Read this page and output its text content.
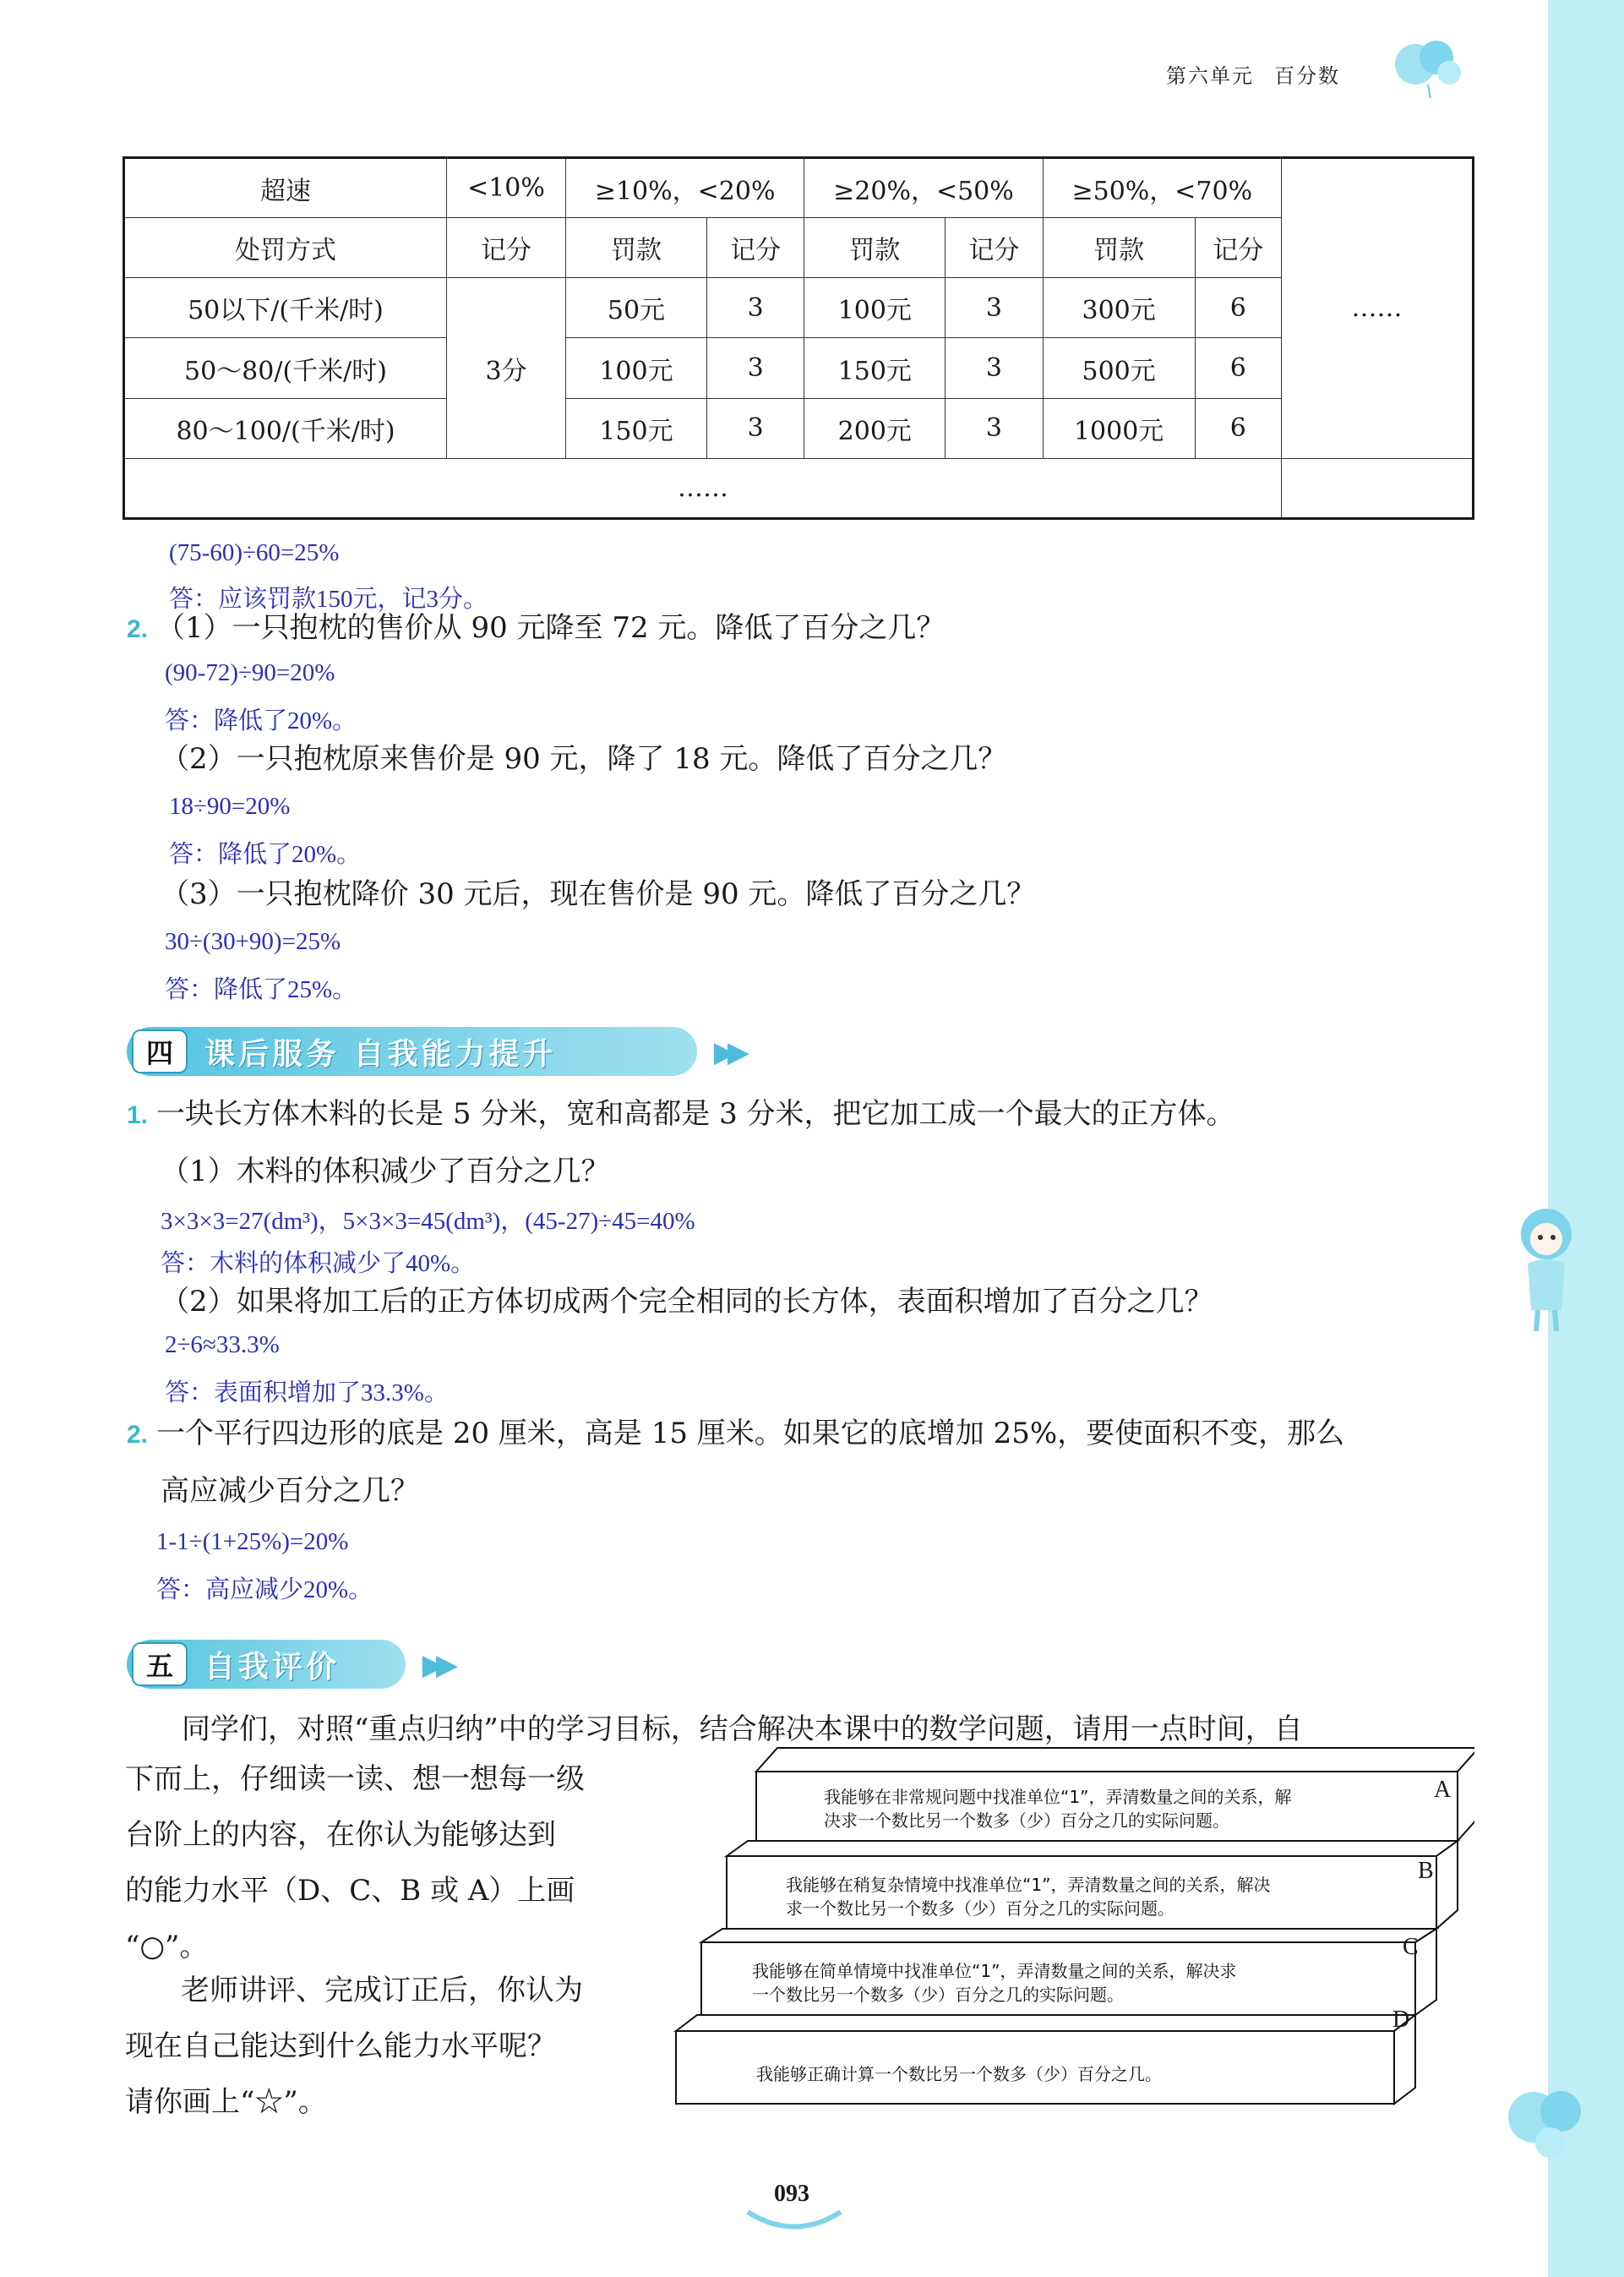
第六单元 百分数
超速	<10%	≥10%，<20%		≥20%，<50%		≥50%，<70%		……
处罚方式	记分	罚款	记分	罚款	记分	罚款	记分	
50以下/(千米/时)	3分	50元	3	100元	3	300元	6	
50～80/(千米/时)		100元	3	150元	3	500元	6	
80～100/(千米/时)		150元	3	200元	3	1000元	6	
……								
(75-60)÷60=25%
答：应该罚款150元，记3分。
2. （1）一只抱枕的售价从 90 元降至 72 元。降低了百分之几？
(90-72)÷90=20%
答：降低了20%。
（2）一只抱枕原来售价是 90 元，降了 18 元。降低了百分之几？
18÷90=20%
答：降低了20%。
（3）一只抱枕降价 30 元后，现在售价是 90 元。降低了百分之几？
30÷(30+90)=25%
答：降低了25%。
四	课后服务 自我能力提升	▶▶
1. 一块长方体木料的长是 5 分米，宽和高都是 3 分米，把它加工成一个最大的正方体。
（1）木料的体积减少了百分之几？
3×3×3=27(dm³)，5×3×3=45(dm³)，(45-27)÷45=40%
答：木料的体积减少了40%。
（2）如果将加工后的正方体切成两个完全相同的长方体，表面积增加了百分之几？
2÷6≈33.3%
答：表面积增加了33.3%。
2. 一个平行四边形的底是 20 厘米，高是 15 厘米。如果它的底增加 25%，要使面积不变，那么
高应减少百分之几？
1-1÷(1+25%)=20%
答：高应减少20%。
五	自我评价	▶▶
同学们，对照“重点归纳”中的学习目标，结合解决本课中的数学问题，请用一点时间，自
下而上，仔细读一读、想一想每一级
台阶上的内容，在你认为能够达到
的能力水平（D、C、B 或 A）上画
“○”。
老师讲评、完成订正后，你认为
现在自己能达到什么能力水平呢？
请你画上“☆”。
我能够在非常规问题中找准单位“1”，弄清数量之间的关系，解
决求一个数比另一个数多（少）百分之几的实际问题。
A
我能够在稍复杂情境中找准单位“1”，弄清数量之间的关系，解决
求一个数比另一个数多（少）百分之几的实际问题。
B
我能够在简单情境中找准单位“1”，弄清数量之间的关系，解决求
一个数比另一个数多（少）百分之几的实际问题。
C
我能够正确计算一个数比另一个数多（少）百分之几。
D
093
